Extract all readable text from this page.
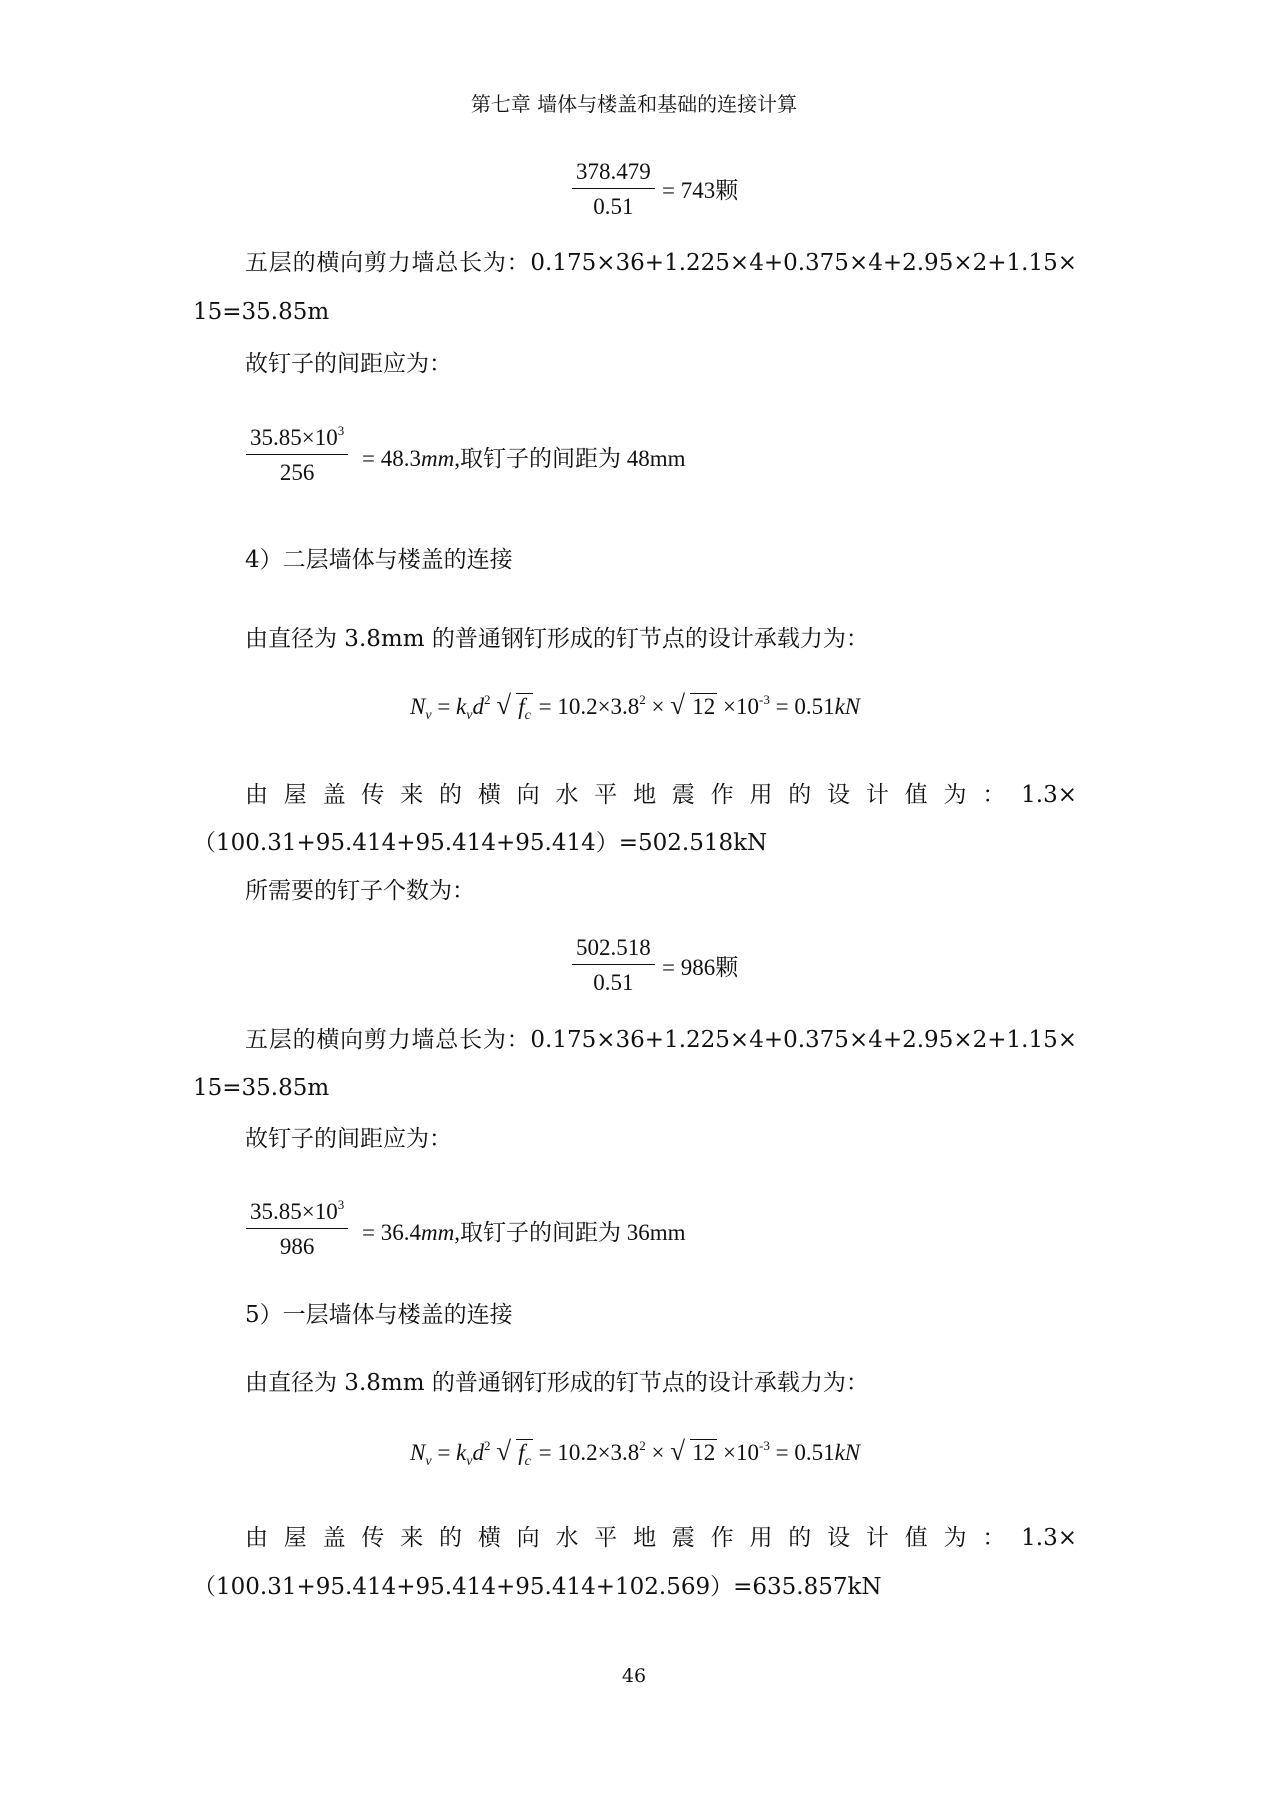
第七章 墙体与楼盖和基础的连接计算
378.479
0.51
= 743颗
五层的横向剪力墙总长为：0.175×36+1.225×4+0.375×4+2.95×2+1.15×
15=35.85m
故钉子的间距应为：
$35.85\times 10^3$
256
= 48.3mm,取钉子的间距为 48mm
4）二层墙体与楼盖的连接
由直径为 3.8mm 的普通钢钉形成的钉节点的设计承载力为：
$N_v = k_vd^2$ √ $f_c = 10.2\times 3.8^2$ × √ $12 \times 10^{-3} = 0.51kN$
由屋盖传来的横向水平地震作用的设计值为：1.3×
（100.31+95.414+95.414+95.414）=502.518kN
所需要的钉子个数为：
502.518
0.51
= 986颗
五层的横向剪力墙总长为：0.175×36+1.225×4+0.375×4+2.95×2+1.15×
15=35.85m
故钉子的间距应为：
$35.85\times 10^3$
986
= 36.4mm,取钉子的间距为 36mm
5）一层墙体与楼盖的连接
由直径为 3.8mm 的普通钢钉形成的钉节点的设计承载力为：
$N_v = k_vd^2$ √ $f_c = 10.2\times 3.8^2$ × √ $12 \times 10^{-3} = 0.51kN$
由屋盖传来的横向水平地震作用的设计值为：1.3×
（100.31+95.414+95.414+95.414+102.569）=635.857kN
46
